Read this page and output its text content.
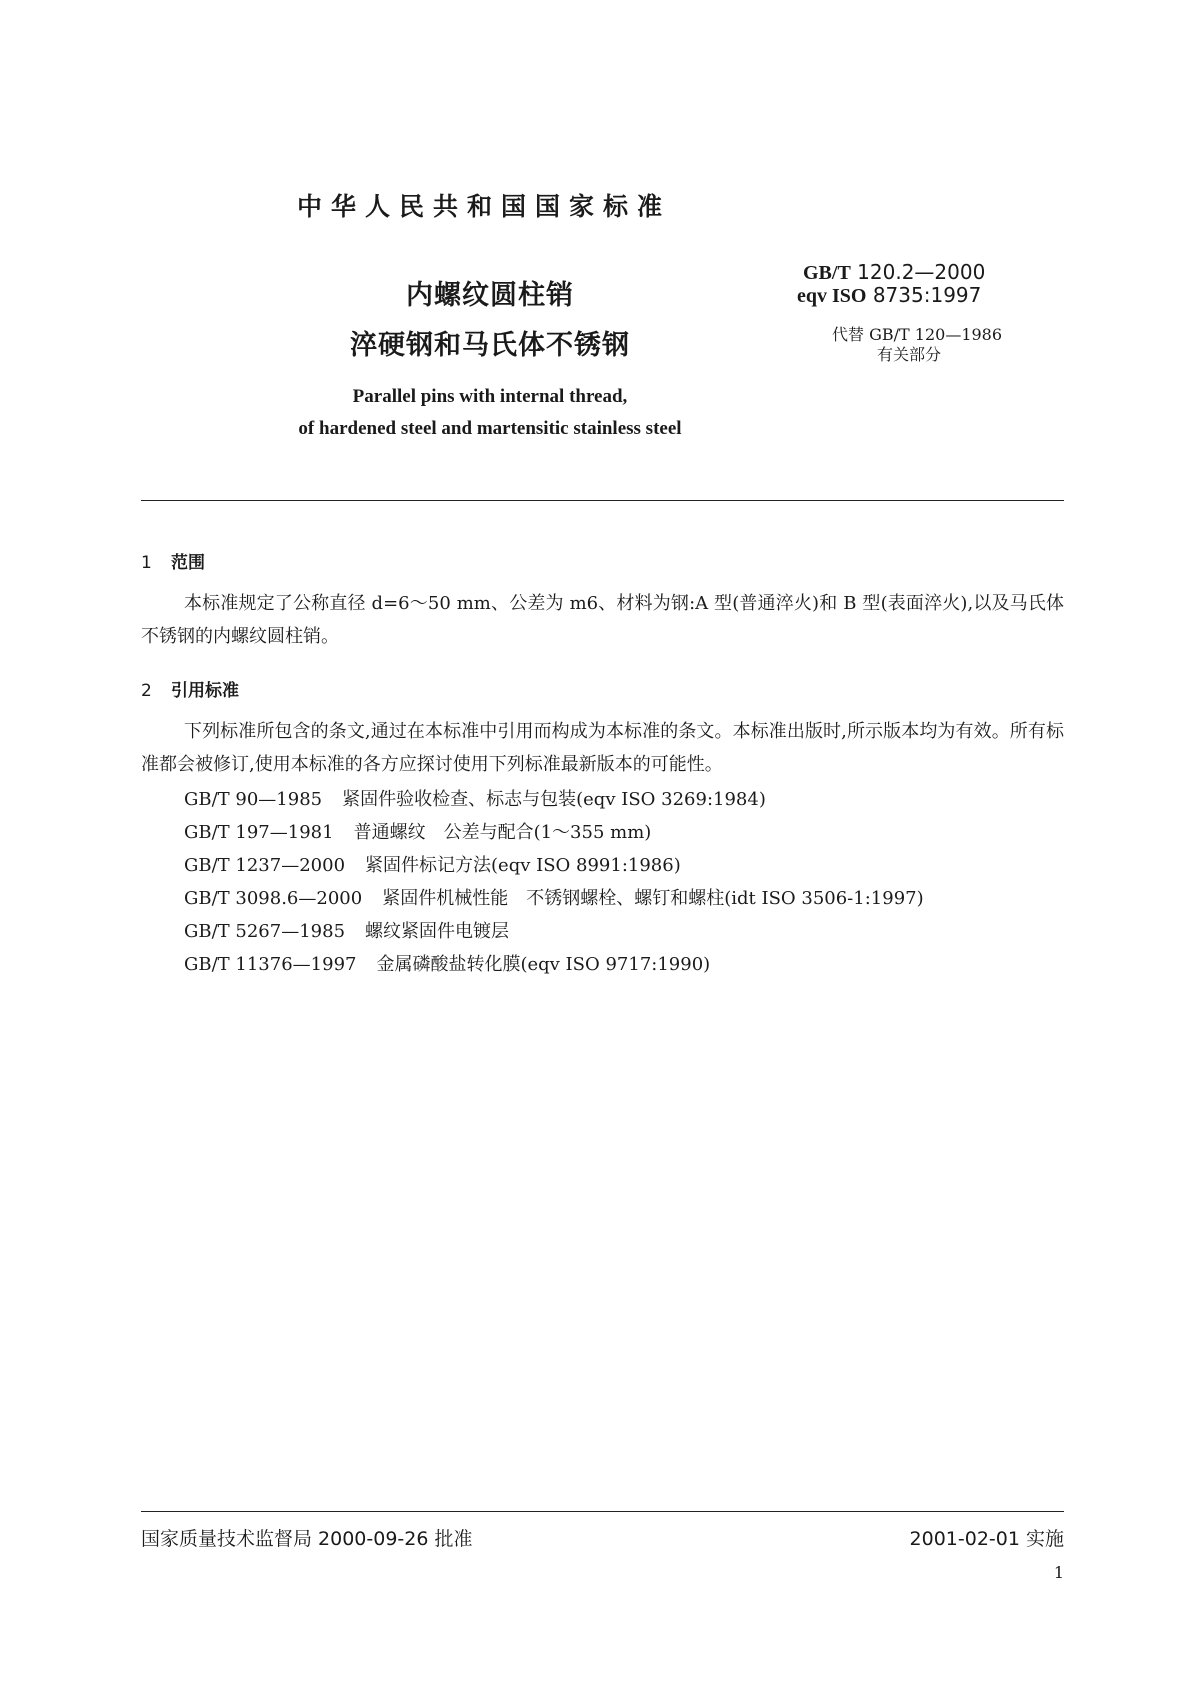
中华人民共和国国家标准
内螺纹圆柱销
淬硬钢和马氏体不锈钢
GB/T 120.2—2000
eqv ISO 8735:1997
代替 GB/T 120—1986
有关部分
Parallel pins with internal thread,
of hardened steel and martensitic stainless steel
1 范围
本标准规定了公称直径 d=6～50 mm、公差为 m6、材料为钢:A 型(普通淬火)和 B 型(表面淬火),以及马氏体不锈钢的内螺纹圆柱销。
2 引用标准
下列标准所包含的条文,通过在本标准中引用而构成为本标准的条文。本标准出版时,所示版本均为有效。所有标准都会被修订,使用本标准的各方应探讨使用下列标准最新版本的可能性。
GB/T 90—1985 紧固件验收检查、标志与包装(eqv ISO 3269:1984)
GB/T 197—1981 普通螺纹　公差与配合(1～355 mm)
GB/T 1237—2000 紧固件标记方法(eqv ISO 8991:1986)
GB/T 3098.6—2000 紧固件机械性能　不锈钢螺栓、螺钉和螺柱(idt ISO 3506-1:1997)
GB/T 5267—1985 螺纹紧固件电镀层
GB/T 11376—1997 金属磷酸盐转化膜(eqv ISO 9717:1990)
国家质量技术监督局 2000-09-26 批准	2001-02-01 实施
1
